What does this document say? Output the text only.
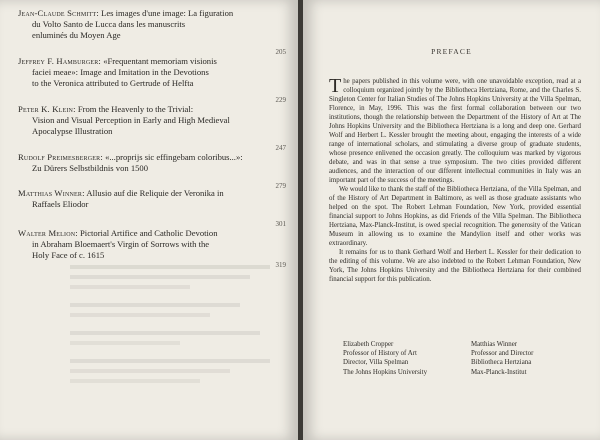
Jean-Claude Schmitt: Les images d'une image: La figuration
du Volto Santo de Lucca dans les manuscrits
enluminés du Moyen Age
205
Jeffrey F. Hamburger: «Frequentant memoriam visionis
faciei meae»: Image and Imitation in the Devotions
to the Veronica attributed to Gertrude of Helfta
229
Peter K. Klein: From the Heavenly to the Trivial:
Vision and Visual Perception in Early and High Medieval
Apocalypse Illustration
247
Rudolf Preimesberger: «...proprijs sic effingebam coloribus...»:
Zu Dürers Selbstbildnis von 1500
279
Matthias Winner: Allusio auf die Reliquie der Veronika in
Raffaels Eliodor
301
Walter Melion: Pictorial Artifice and Catholic Devotion
in Abraham Bloemaert's Virgin of Sorrows with the
Holy Face of c. 1615
319
PREFACE

The papers published in this volume were, with one unavoidable exception, read at a colloquium organized jointly by the Bibliotheca Hertziana, Rome, and the Charles S. Singleton Center for Italian Studies of The Johns Hopkins University at the Villa Spelman, Florence, in May, 1996. This was the first formal collaboration between our two institutions, though the relationship between the Department of the History of Art at The Johns Hopkins University and the Bibliotheca Hertziana is a long and deep one. Gerhard Wolf and Herbert L. Kessler brought the meeting about, engaging the interests of a wide range of international scholars, and stimulating a diverse group of graduate students, whose presence enlivened the occasion greatly. The colloquium was marked by vigorous debate, and was in that sense a true symposium. The two cities provided different audiences, and the interaction of our different intellectual communities in Italy was an important part of the success of the meetings.

We would like to thank the staff of the Bibliotheca Hertziana, of the Villa Spelman, and of the History of Art Department in Baltimore, as well as those graduate assistants who helped on the spot. The Robert Lehman Foundation, New York, provided essential financial support to Johns Hopkins, as did Friends of the Villa Spelman. The Bibliotheca Hertziana, Max-Planck-Institut, is owed special recognition. The generosity of the Vatican Museum in allowing us to examine the Mandylion itself and other works was extraordinary.

It remains for us to thank Gerhard Wolf and Herbert L. Kessler for their dedication to the editing of this volume. We are also indebted to the Robert Lehman Foundation, New York, The Johns Hopkins University and the Bibliotheca Hertziana for their combined financial support for this publication.

Elizabeth Cropper
Professor of History of Art
Director, Villa Spelman
The Johns Hopkins University
Matthias Winner
Professor and Director
Bibliotheca Hertziana
Max-Planck-Institut
